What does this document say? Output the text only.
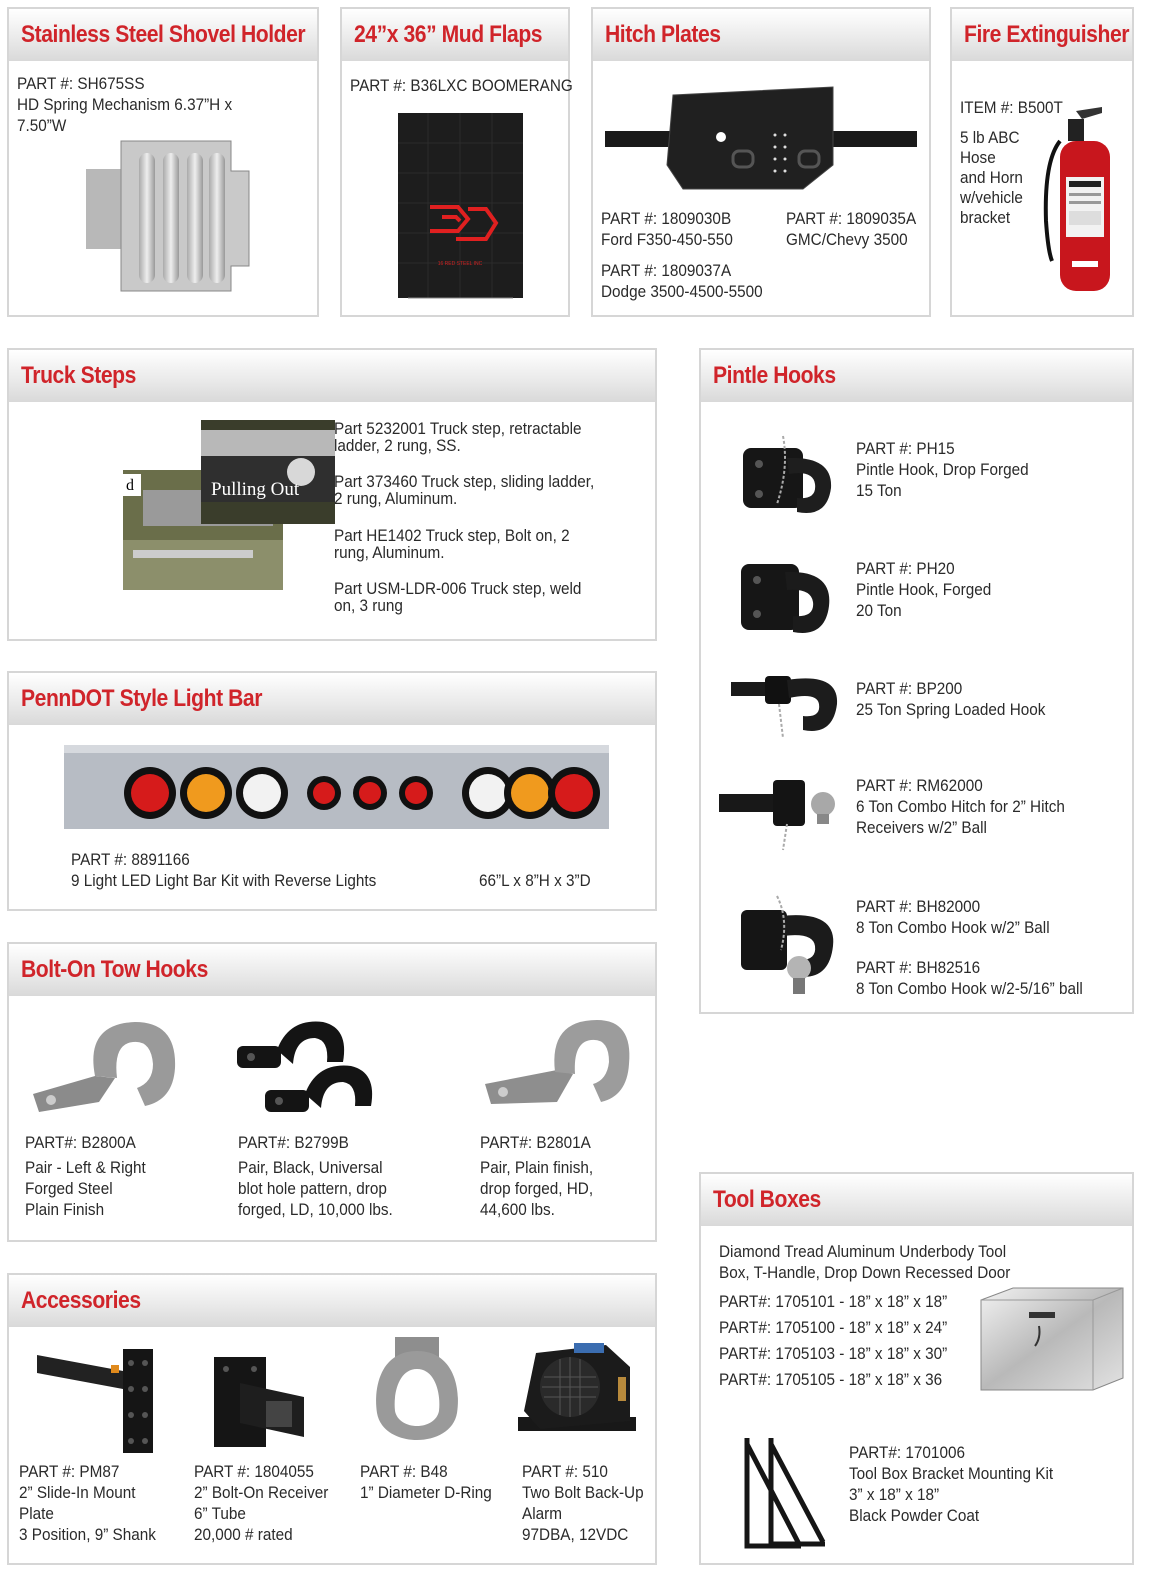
Stainless Steel Shovel Holder
PART #: SH675SS
HD Spring Mechanism 6.37”H x
7.50”W
24”x 36” Mud Flaps
PART #: B36LXC BOOMERANG
16 RED STEEL INC
Hitch Plates
PART #: 1809030B
Ford F350-450-550
PART #: 1809035A
GMC/Chevy 3500
PART #: 1809037A
Dodge 3500-4500-5500
Fire Extinguisher
ITEM #: B500T
5 lb ABC
Hose
and Horn
w/vehicle
bracket
Truck Steps
d	Pulling Out
Part 5232001 Truck step, retractable
ladder, 2 rung, SS.
Part 373460 Truck step, sliding ladder,
2 rung, Aluminum.
Part HE1402 Truck step, Bolt on, 2
rung, Aluminum.
Part USM-LDR-006 Truck step, weld
on, 3 rung
PennDOT Style Light Bar
PART #: 8891166
9 Light LED Light Bar Kit with Reverse Lights	66”L x 8”H x 3”D
Bolt-On Tow Hooks
PART#: B2800A
Pair - Left & Right
Forged Steel
Plain Finish
PART#: B2799B
Pair, Black, Universal
blot hole pattern, drop
forged, LD, 10,000 lbs.
PART#: B2801A
Pair, Plain finish,
drop forged, HD,
44,600 lbs.
Accessories
PART #: PM87
2” Slide-In Mount
Plate
3 Position, 9” Shank
PART #: 1804055
2” Bolt-On Receiver
6” Tube
20,000 # rated
PART #: B48
1” Diameter D-Ring
PART #: 510
Two Bolt Back-Up
Alarm
97DBA, 12VDC
Pintle Hooks
PART #: PH15
Pintle Hook, Drop Forged
15 Ton
PART #: PH20
Pintle Hook, Forged
20 Ton
PART #: BP200
25 Ton Spring Loaded Hook
PART #: RM62000
6 Ton Combo Hitch for 2” Hitch
Receivers w/2” Ball
PART #: BH82000
8 Ton Combo Hook w/2” Ball
PART #: BH82516
8 Ton Combo Hook w/2-5/16” ball
Tool Boxes
Diamond Tread Aluminum Underbody Tool
Box, T-Handle, Drop Down Recessed Door
PART#: 1705101 - 18” x 18” x 18”
PART#: 1705100 - 18” x 18” x 24”
PART#: 1705103 - 18” x 18” x 30”
PART#: 1705105 - 18” x 18” x 36
PART#: 1701006
Tool Box Bracket Mounting Kit
3” x 18” x 18”
Black Powder Coat
